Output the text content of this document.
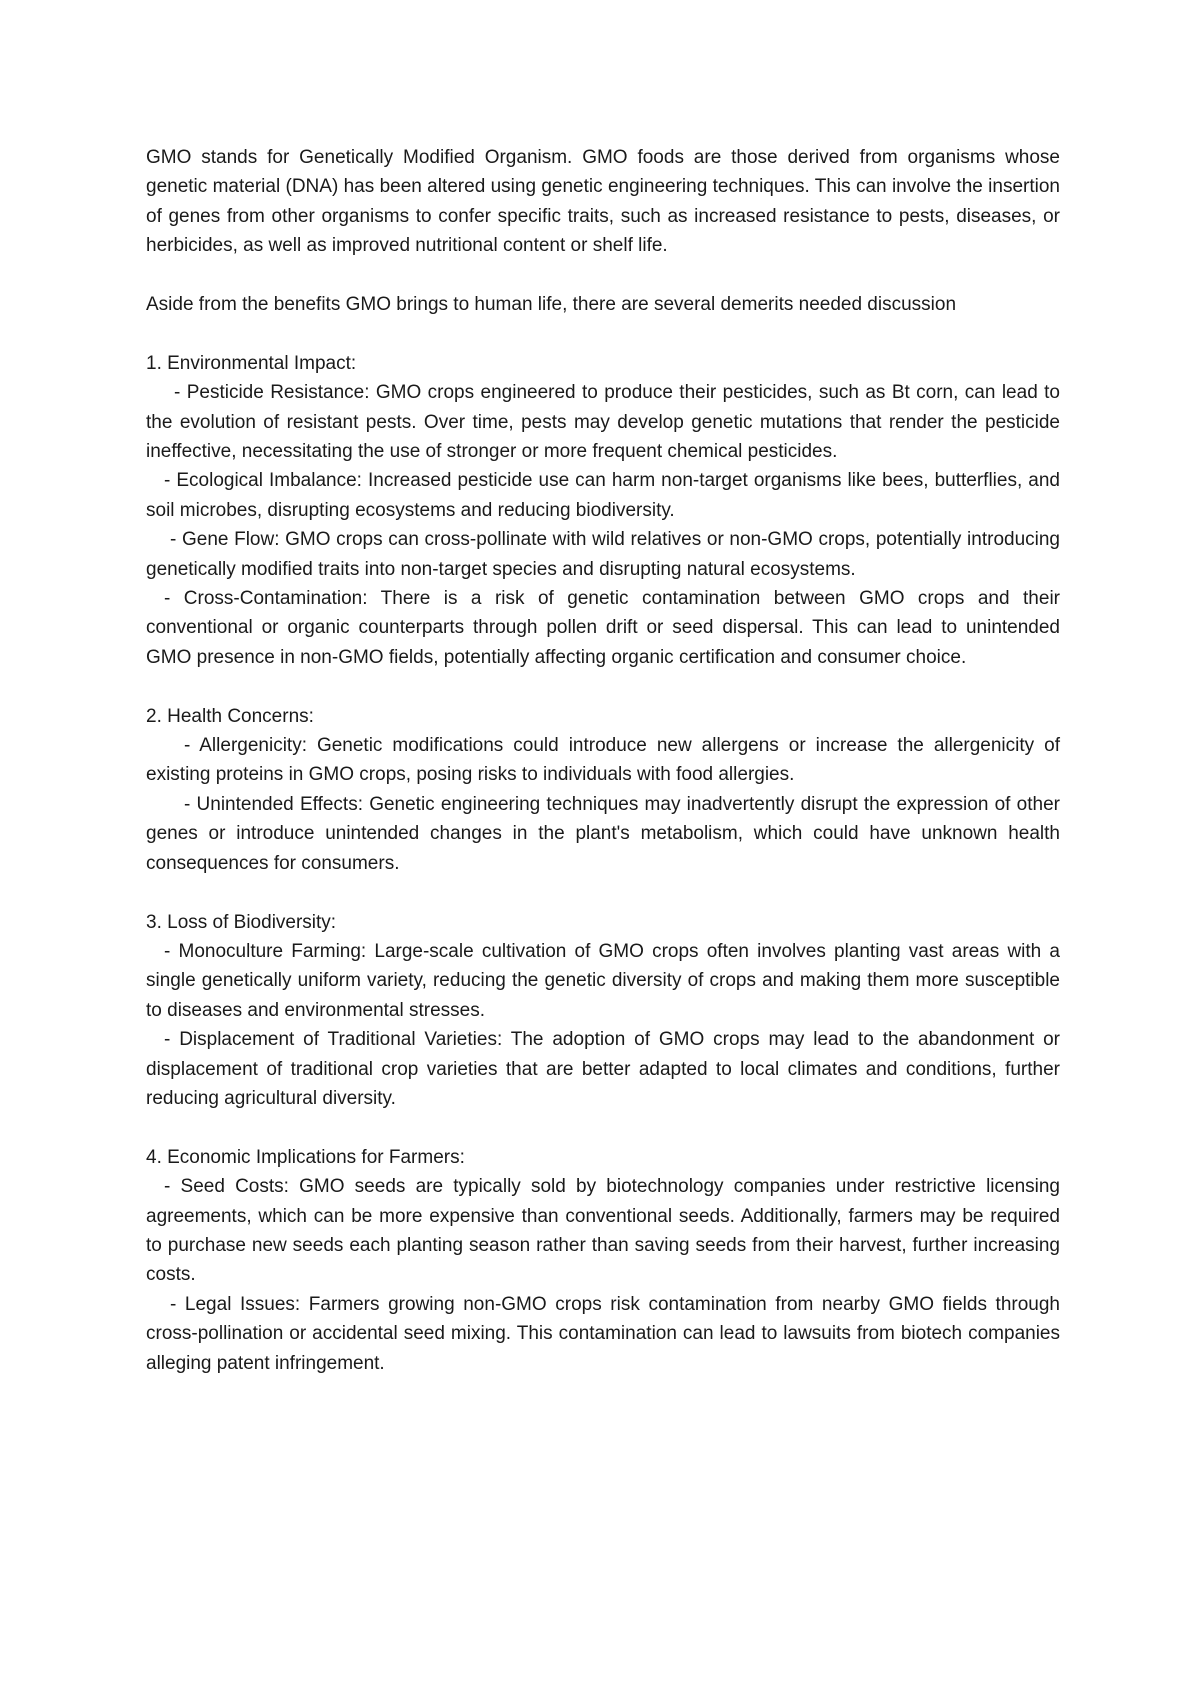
GMO stands for Genetically Modified Organism. GMO foods are those derived from organisms whose genetic material (DNA) has been altered using genetic engineering techniques. This can involve the insertion of genes from other organisms to confer specific traits, such as increased resistance to pests, diseases, or herbicides, as well as improved nutritional content or shelf life.

Aside from the benefits GMO brings to human life, there are several demerits needed discussion

1. Environmental Impact:

- Pesticide Resistance: GMO crops engineered to produce their pesticides, such as Bt corn, can lead to the evolution of resistant pests. Over time, pests may develop genetic mutations that render the pesticide ineffective, necessitating the use of stronger or more frequent chemical pesticides.

- Ecological Imbalance: Increased pesticide use can harm non-target organisms like bees, butterflies, and soil microbes, disrupting ecosystems and reducing biodiversity.

- Gene Flow: GMO crops can cross-pollinate with wild relatives or non-GMO crops, potentially introducing genetically modified traits into non-target species and disrupting natural ecosystems.

- Cross-Contamination: There is a risk of genetic contamination between GMO crops and their conventional or organic counterparts through pollen drift or seed dispersal. This can lead to unintended GMO presence in non-GMO fields, potentially affecting organic certification and consumer choice.

2. Health Concerns:

- Allergenicity: Genetic modifications could introduce new allergens or increase the allergenicity of existing proteins in GMO crops, posing risks to individuals with food allergies.

- Unintended Effects: Genetic engineering techniques may inadvertently disrupt the expression of other genes or introduce unintended changes in the plant's metabolism, which could have unknown health consequences for consumers.

3. Loss of Biodiversity:

- Monoculture Farming: Large-scale cultivation of GMO crops often involves planting vast areas with a single genetically uniform variety, reducing the genetic diversity of crops and making them more susceptible to diseases and environmental stresses.

- Displacement of Traditional Varieties: The adoption of GMO crops may lead to the abandonment or displacement of traditional crop varieties that are better adapted to local climates and conditions, further reducing agricultural diversity.

4. Economic Implications for Farmers:

- Seed Costs: GMO seeds are typically sold by biotechnology companies under restrictive licensing agreements, which can be more expensive than conventional seeds. Additionally, farmers may be required to purchase new seeds each planting season rather than saving seeds from their harvest, further increasing costs.

- Legal Issues: Farmers growing non-GMO crops risk contamination from nearby GMO fields through cross-pollination or accidental seed mixing. This contamination can lead to lawsuits from biotech companies alleging patent infringement.
